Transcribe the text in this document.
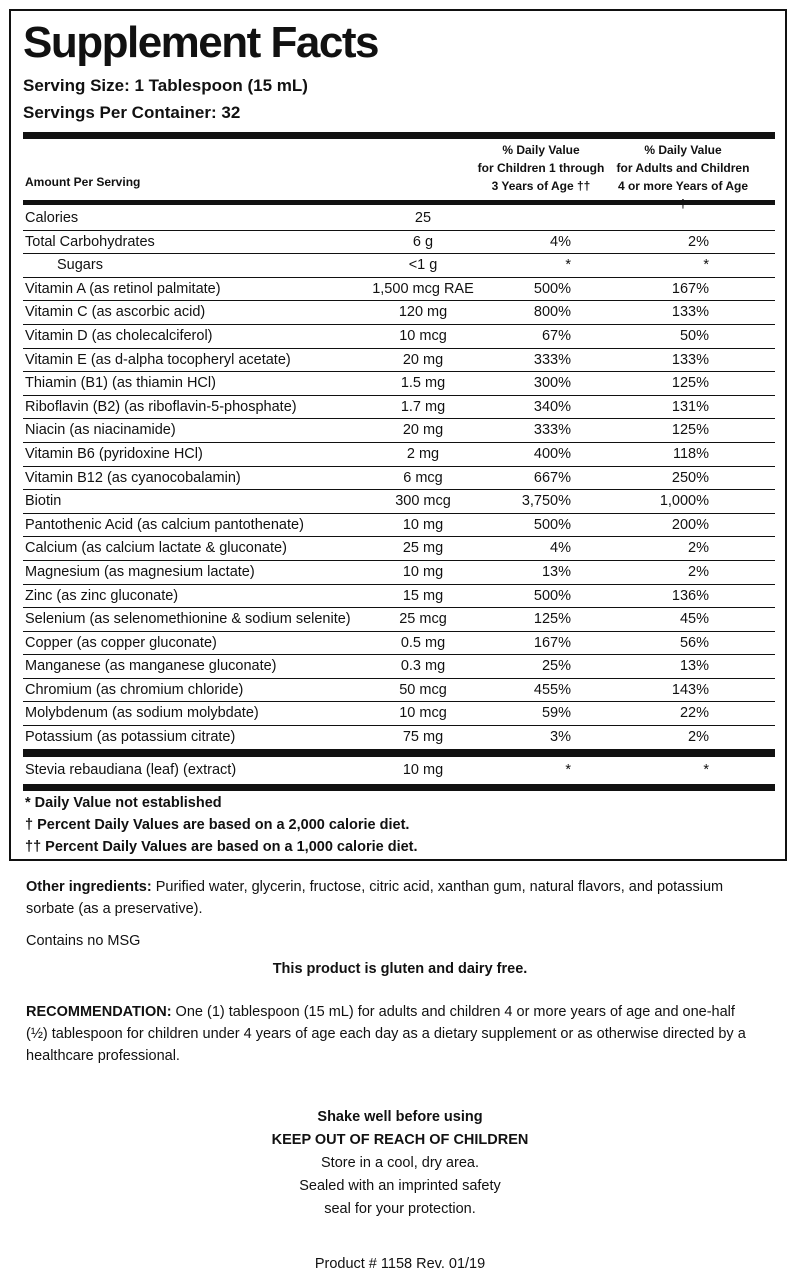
Supplement Facts
Serving Size: 1 Tablespoon (15 mL)
Servings Per Container: 32
% Daily Value
for Children 1 through
3 Years of Age ††
% Daily Value
for Adults and Children
4 or more Years of Age
Amount Per Serving
Calories	25
Total Carbohydrates	6 g	4%	2%
Sugars	<1 g	*	*
Vitamin A (as retinol palmitate)	1,500 mcg RAE	500%	167%
Vitamin C (as ascorbic acid)	120 mg	800%	133%
Vitamin D (as cholecalciferol)	10 mcg	67%	50%
Vitamin E (as d-alpha tocopheryl acetate)	20 mg	333%	133%
Thiamin (B1) (as thiamin HCl)	1.5 mg	300%	125%
Riboflavin (B2) (as riboflavin-5-phosphate)	1.7 mg	340%	131%
Niacin (as niacinamide)	20 mg	333%	125%
Vitamin B6 (pyridoxine HCl)	2 mg	400%	118%
Vitamin B12 (as cyanocobalamin)	6 mcg	667%	250%
Biotin	300 mcg	3,750%	1,000%
Pantothenic Acid (as calcium pantothenate)	10 mg	500%	200%
Calcium (as calcium lactate & gluconate)	25 mg	4%	2%
Magnesium (as magnesium lactate)	10 mg	13%	2%
Zinc (as zinc gluconate)	15 mg	500%	136%
Selenium (as selenomethionine & sodium selenite)	25 mcg	125%	45%
Copper (as copper gluconate)	0.5 mg	167%	56%
Manganese (as manganese gluconate)	0.3 mg	25%	13%
Chromium (as chromium chloride)	50 mcg	455%	143%
Molybdenum (as sodium molybdate)	10 mcg	59%	22%
Potassium (as potassium citrate)	75 mg	3%	2%
Stevia rebaudiana (leaf) (extract)	10 mg	*	*
* Daily Value not established
† Percent Daily Values are based on a 2,000 calorie diet.
†† Percent Daily Values are based on a 1,000 calorie diet.
Other ingredients: Purified water, glycerin, fructose, citric acid, xanthan gum, natural flavors, and potassium sorbate (as a preservative).
Contains no MSG
This product is gluten and dairy free.
RECOMMENDATION: One (1) tablespoon (15 mL) for adults and children 4 or more years of age and one-half (½) tablespoon for children under 4 years of age each day as a dietary supplement or as otherwise directed by a healthcare professional.
Shake well before using
KEEP OUT OF REACH OF CHILDREN
Store in a cool, dry area.
Sealed with an imprinted safety
seal for your protection.
Product # 1158 Rev. 01/19
